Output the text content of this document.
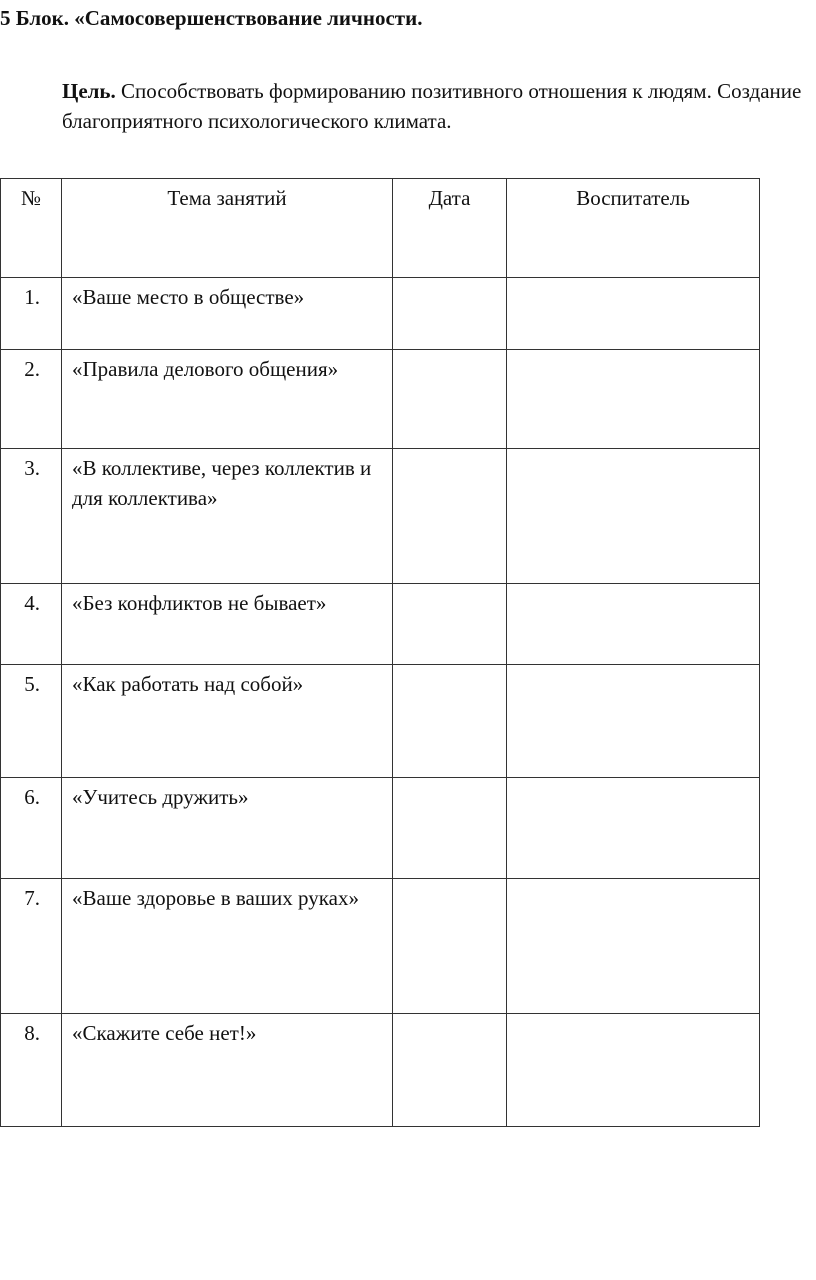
5 Блок. «Самосовершенствование личности.
Цель. Способствовать формированию позитивного отношения к людям. Создание благоприятного психологического климата.
№	Тема занятий	Дата	Воспитатель
1.	«Ваше место в обществе»		
2.	«Правила делового общения»		
3.	«В коллективе, через коллектив и для коллектива»		
4.	«Без конфликтов не бывает»		
5.	«Как работать над собой»		
6.	«Учитесь дружить»		
7.	«Ваше здоровье в ваших руках»		
8.	«Скажите себе нет!»		
